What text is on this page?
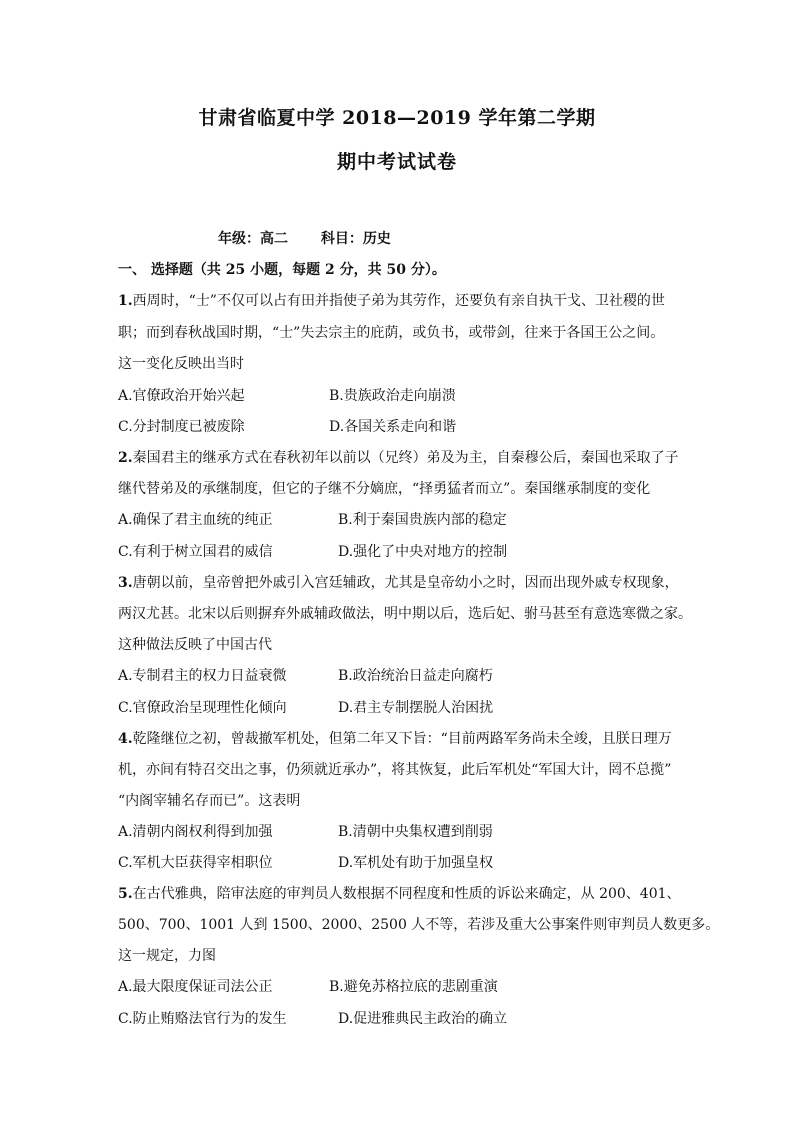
甘肃省临夏中学 2018—2019 学年第二学期
期中考试试卷
年级：高二 科目：历史
一、 选择题（共 25 小题，每题 2 分，共 50 分）。
1.西周时，“士”不仅可以占有田并指使子弟为其劳作，还要负有亲自执干戈、卫社稷的世
职；而到春秋战国时期，“士”失去宗主的庇荫，或负书，或带剑，往来于各国王公之间。
这一变化反映出当时
A.官僚政治开始兴起	B.贵族政治走向崩溃
C.分封制度已被废除	D.各国关系走向和谐
2.秦国君主的继承方式在春秋初年以前以（兄终）弟及为主，自秦穆公后，秦国也采取了子
继代替弟及的承继制度，但它的子继不分嫡庶，“择勇猛者而立”。秦国继承制度的变化
A.确保了君主血统的纯正	B.利于秦国贵族内部的稳定
C.有利于树立国君的威信	D.强化了中央对地方的控制
3.唐朝以前，皇帝曾把外戚引入宫廷辅政，尤其是皇帝幼小之时，因而出现外戚专权现象，
两汉尤甚。北宋以后则摒弃外戚辅政做法，明中期以后，选后妃、驸马甚至有意选寒微之家。
这种做法反映了中国古代
A.专制君主的权力日益衰微	B.政治统治日益走向腐朽
C.官僚政治呈现理性化倾向	D.君主专制摆脱人治困扰
4.乾隆继位之初，曾裁撤军机处，但第二年又下旨：“目前两路军务尚未全竣，且朕日理万
机，亦间有特召交出之事，仍须就近承办”，将其恢复，此后军机处“军国大计，罔不总揽”
“内阁宰辅名存而已”。这表明
A.清朝内阁权利得到加强	B.清朝中央集权遭到削弱
C.军机大臣获得宰相职位	D.军机处有助于加强皇权
5.在古代雅典，陪审法庭的审判员人数根据不同程度和性质的诉讼来确定，从 200、401、
500、700、1001 人到 1500、2000、2500 人不等，若涉及重大公事案件则审判员人数更多。
这一规定，力图
A.最大限度保证司法公正	B.避免苏格拉底的悲剧重演
C.防止贿赂法官行为的发生	D.促进雅典民主政治的确立
